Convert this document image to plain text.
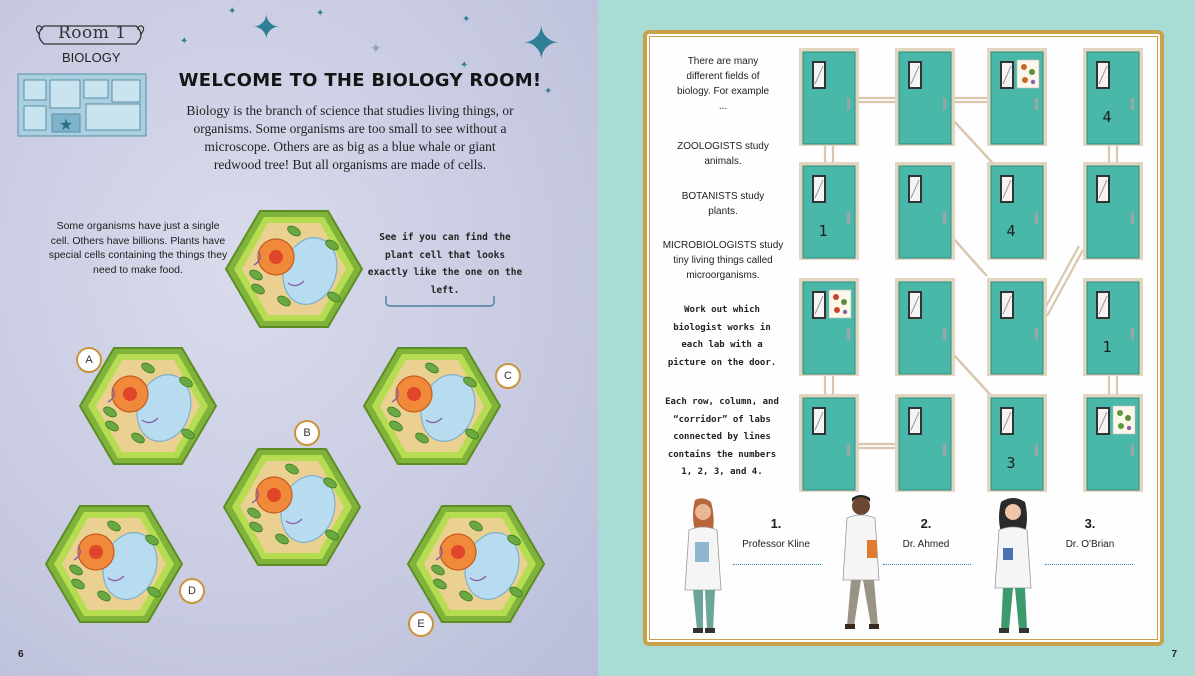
✦	✦
✦
✦
✦
✦
✦
✦
✦
Room 1
BIOLOGY
★
WELCOME TO THE BIOLOGY ROOM!
Biology is the branch of science that studies living things, or organisms. Some organisms are too small to see without a microscope. Others are as big as a blue whale or giant redwood tree! But all organisms are made of cells.
Some organisms have just a single cell. Others have billions. Plants have special cells containing the things they need to make food.
See if you can find the plant cell that looks exactly like the one on the left.
A
B
C
D
E
6
There are many different fields of biology. For example ...
ZOOLOGISTS study animals.
BOTANISTS study plants.
MICROBIOLOGISTS study tiny living things called microorganisms.
Work out which biologist works in each lab with a picture on the door.
Each row, column, and “corridor” of labs connected by lines contains the numbers 1, 2, 3, and 4.
4
1	4
1
3
1.
Professor Kline
2.
Dr. Ahmed
3.
Dr. O'Brian
7
